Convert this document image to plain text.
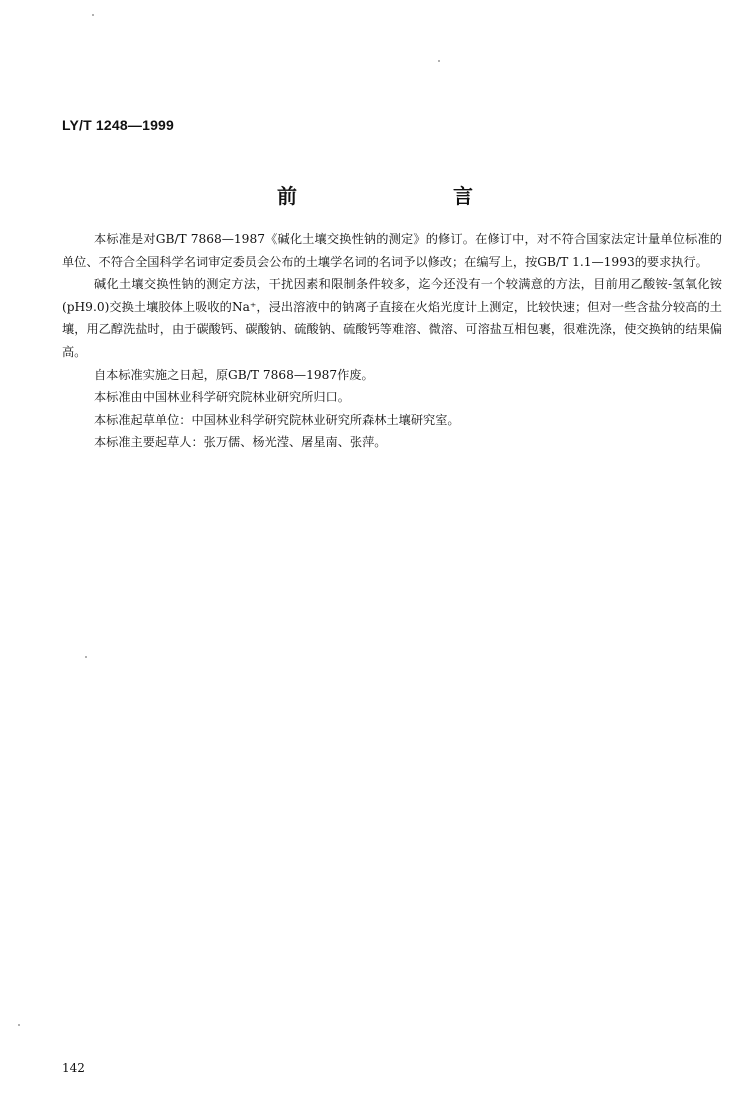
LY/T 1248—1999
前　言

本标准是对GB/T 7868—1987《碱化土壤交换性钠的测定》的修订。在修订中，对不符合国家法定计量单位标准的单位、不符合全国科学名词审定委员会公布的土壤学名词的名词予以修改；在编写上，按GB/T 1.1—1993的要求执行。

碱化土壤交换性钠的测定方法，干扰因素和限制条件较多，迄今还没有一个较满意的方法，目前用乙酸铵-氢氧化铵(pH9.0)交换土壤胶体上吸收的Na⁺，浸出溶液中的钠离子直接在火焰光度计上测定，比较快速；但对一些含盐分较高的土壤，用乙醇洗盐时，由于碳酸钙、碳酸钠、硫酸钠、硫酸钙等难溶、微溶、可溶盐互相包裹，很难洗涤，使交换钠的结果偏高。

自本标准实施之日起，原GB/T 7868—1987作废。

本标准由中国林业科学研究院林业研究所归口。

本标准起草单位：中国林业科学研究院林业研究所森林土壤研究室。

本标准主要起草人：张万儒、杨光滢、屠星南、张萍。

142
